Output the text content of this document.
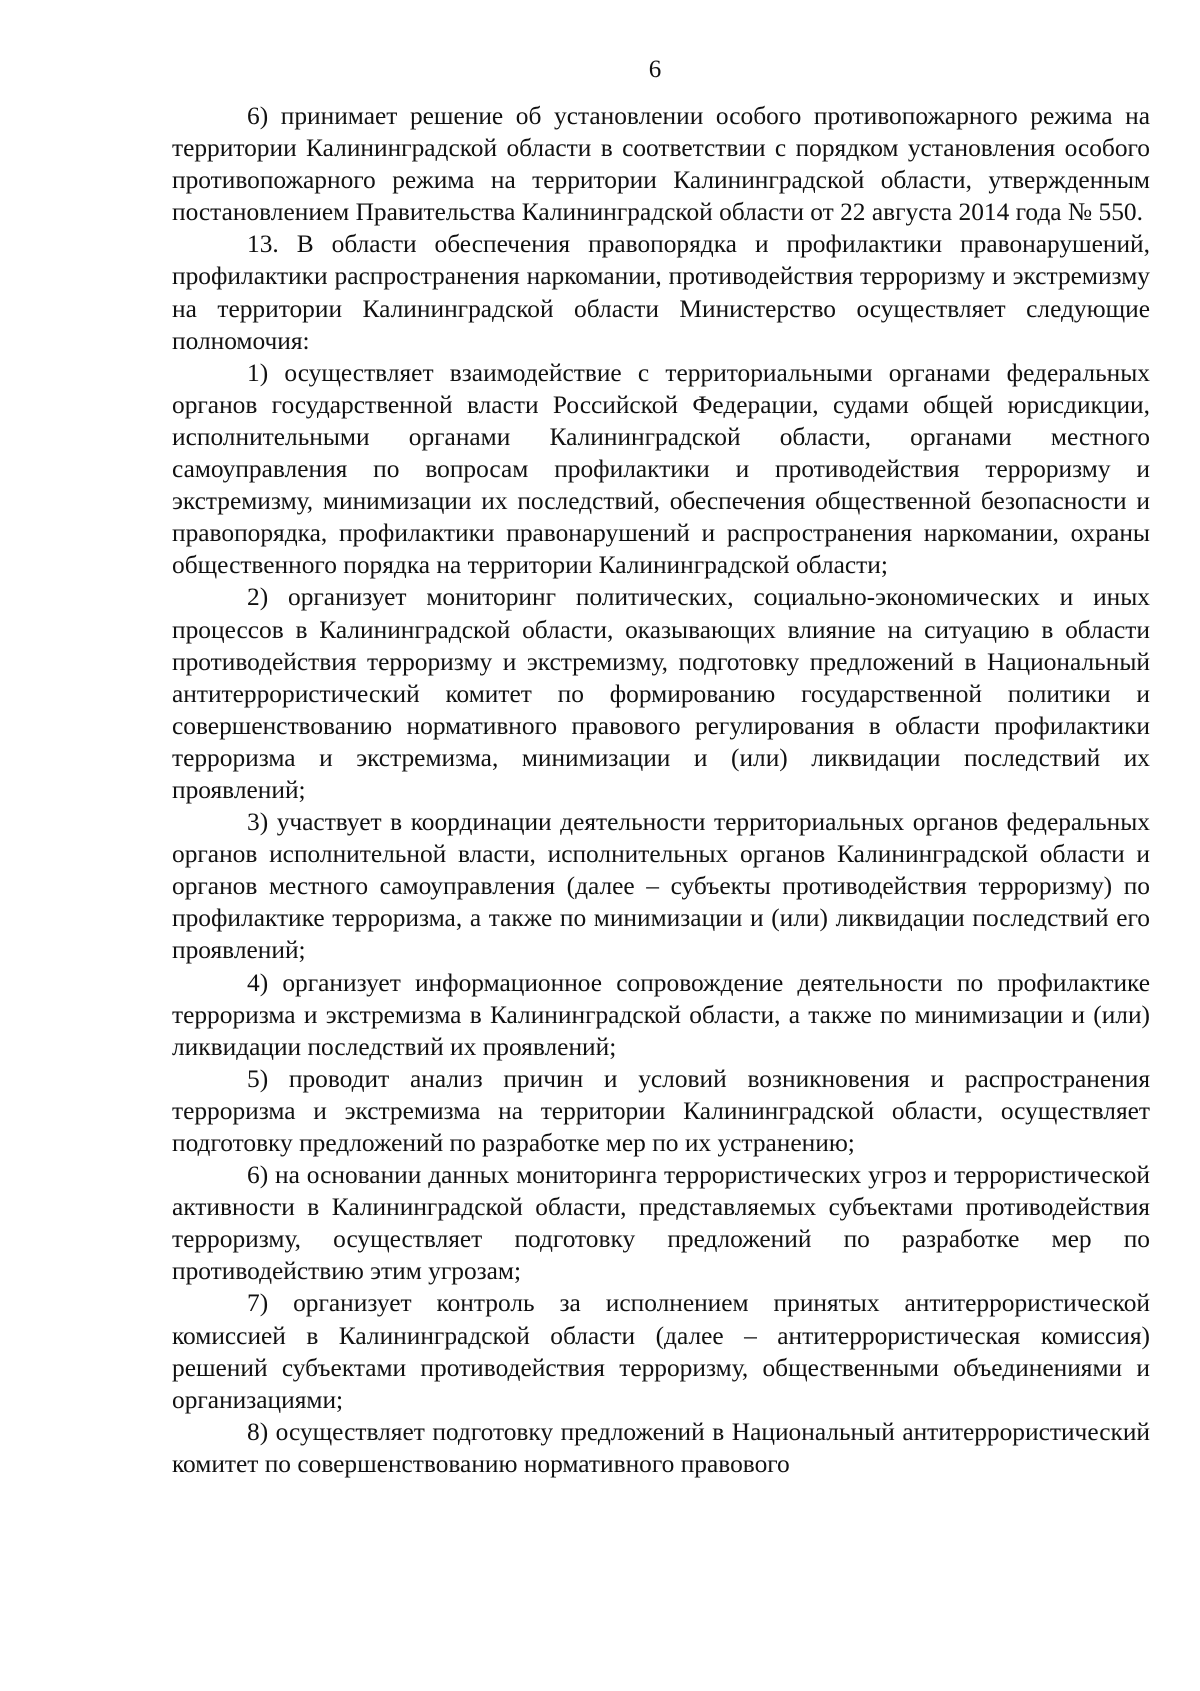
6

6) принимает решение об установлении особого противопожарного режима на территории Калининградской области в соответствии с порядком установления особого противопожарного режима на территории Калининградской области, утвержденным постановлением Правительства Калининградской области от 22 августа 2014 года № 550.

13. В области обеспечения правопорядка и профилактики правонарушений, профилактики распространения наркомании, противодействия терроризму и экстремизму на территории Калининградской области Министерство осуществляет следующие полномочия:

1) осуществляет взаимодействие с территориальными органами федеральных органов государственной власти Российской Федерации, судами общей юрисдикции, исполнительными органами Калининградской области, органами местного самоуправления по вопросам профилактики и противодействия терроризму и экстремизму, минимизации их последствий, обеспечения общественной безопасности и правопорядка, профилактики правонарушений и распространения наркомании, охраны общественного порядка на территории Калининградской области;

2) организует мониторинг политических, социально-экономических и иных процессов в Калининградской области, оказывающих влияние на ситуацию в области противодействия терроризму и экстремизму, подготовку предложений в Национальный антитеррористический комитет по формированию государственной политики и совершенствованию нормативного правового регулирования в области профилактики терроризма и экстремизма, минимизации и (или) ликвидации последствий их проявлений;

3) участвует в координации деятельности территориальных органов федеральных органов исполнительной власти, исполнительных органов Калининградской области и органов местного самоуправления (далее – субъекты противодействия терроризму) по профилактике терроризма, а также по минимизации и (или) ликвидации последствий его проявлений;

4) организует информационное сопровождение деятельности по профилактике терроризма и экстремизма в Калининградской области, а также по минимизации и (или) ликвидации последствий их проявлений;

5) проводит анализ причин и условий возникновения и распространения терроризма и экстремизма на территории Калининградской области, осуществляет подготовку предложений по разработке мер по их устранению;

6) на основании данных мониторинга террористических угроз и террористической активности в Калининградской области, представляемых субъектами противодействия терроризму, осуществляет подготовку предложений по разработке мер по противодействию этим угрозам;

7) организует контроль за исполнением принятых антитеррористической комиссией в Калининградской области (далее – антитеррористическая комиссия) решений субъектами противодействия терроризму, общественными объединениями и организациями;

8) осуществляет подготовку предложений в Национальный антитеррористический комитет по совершенствованию нормативного правового
